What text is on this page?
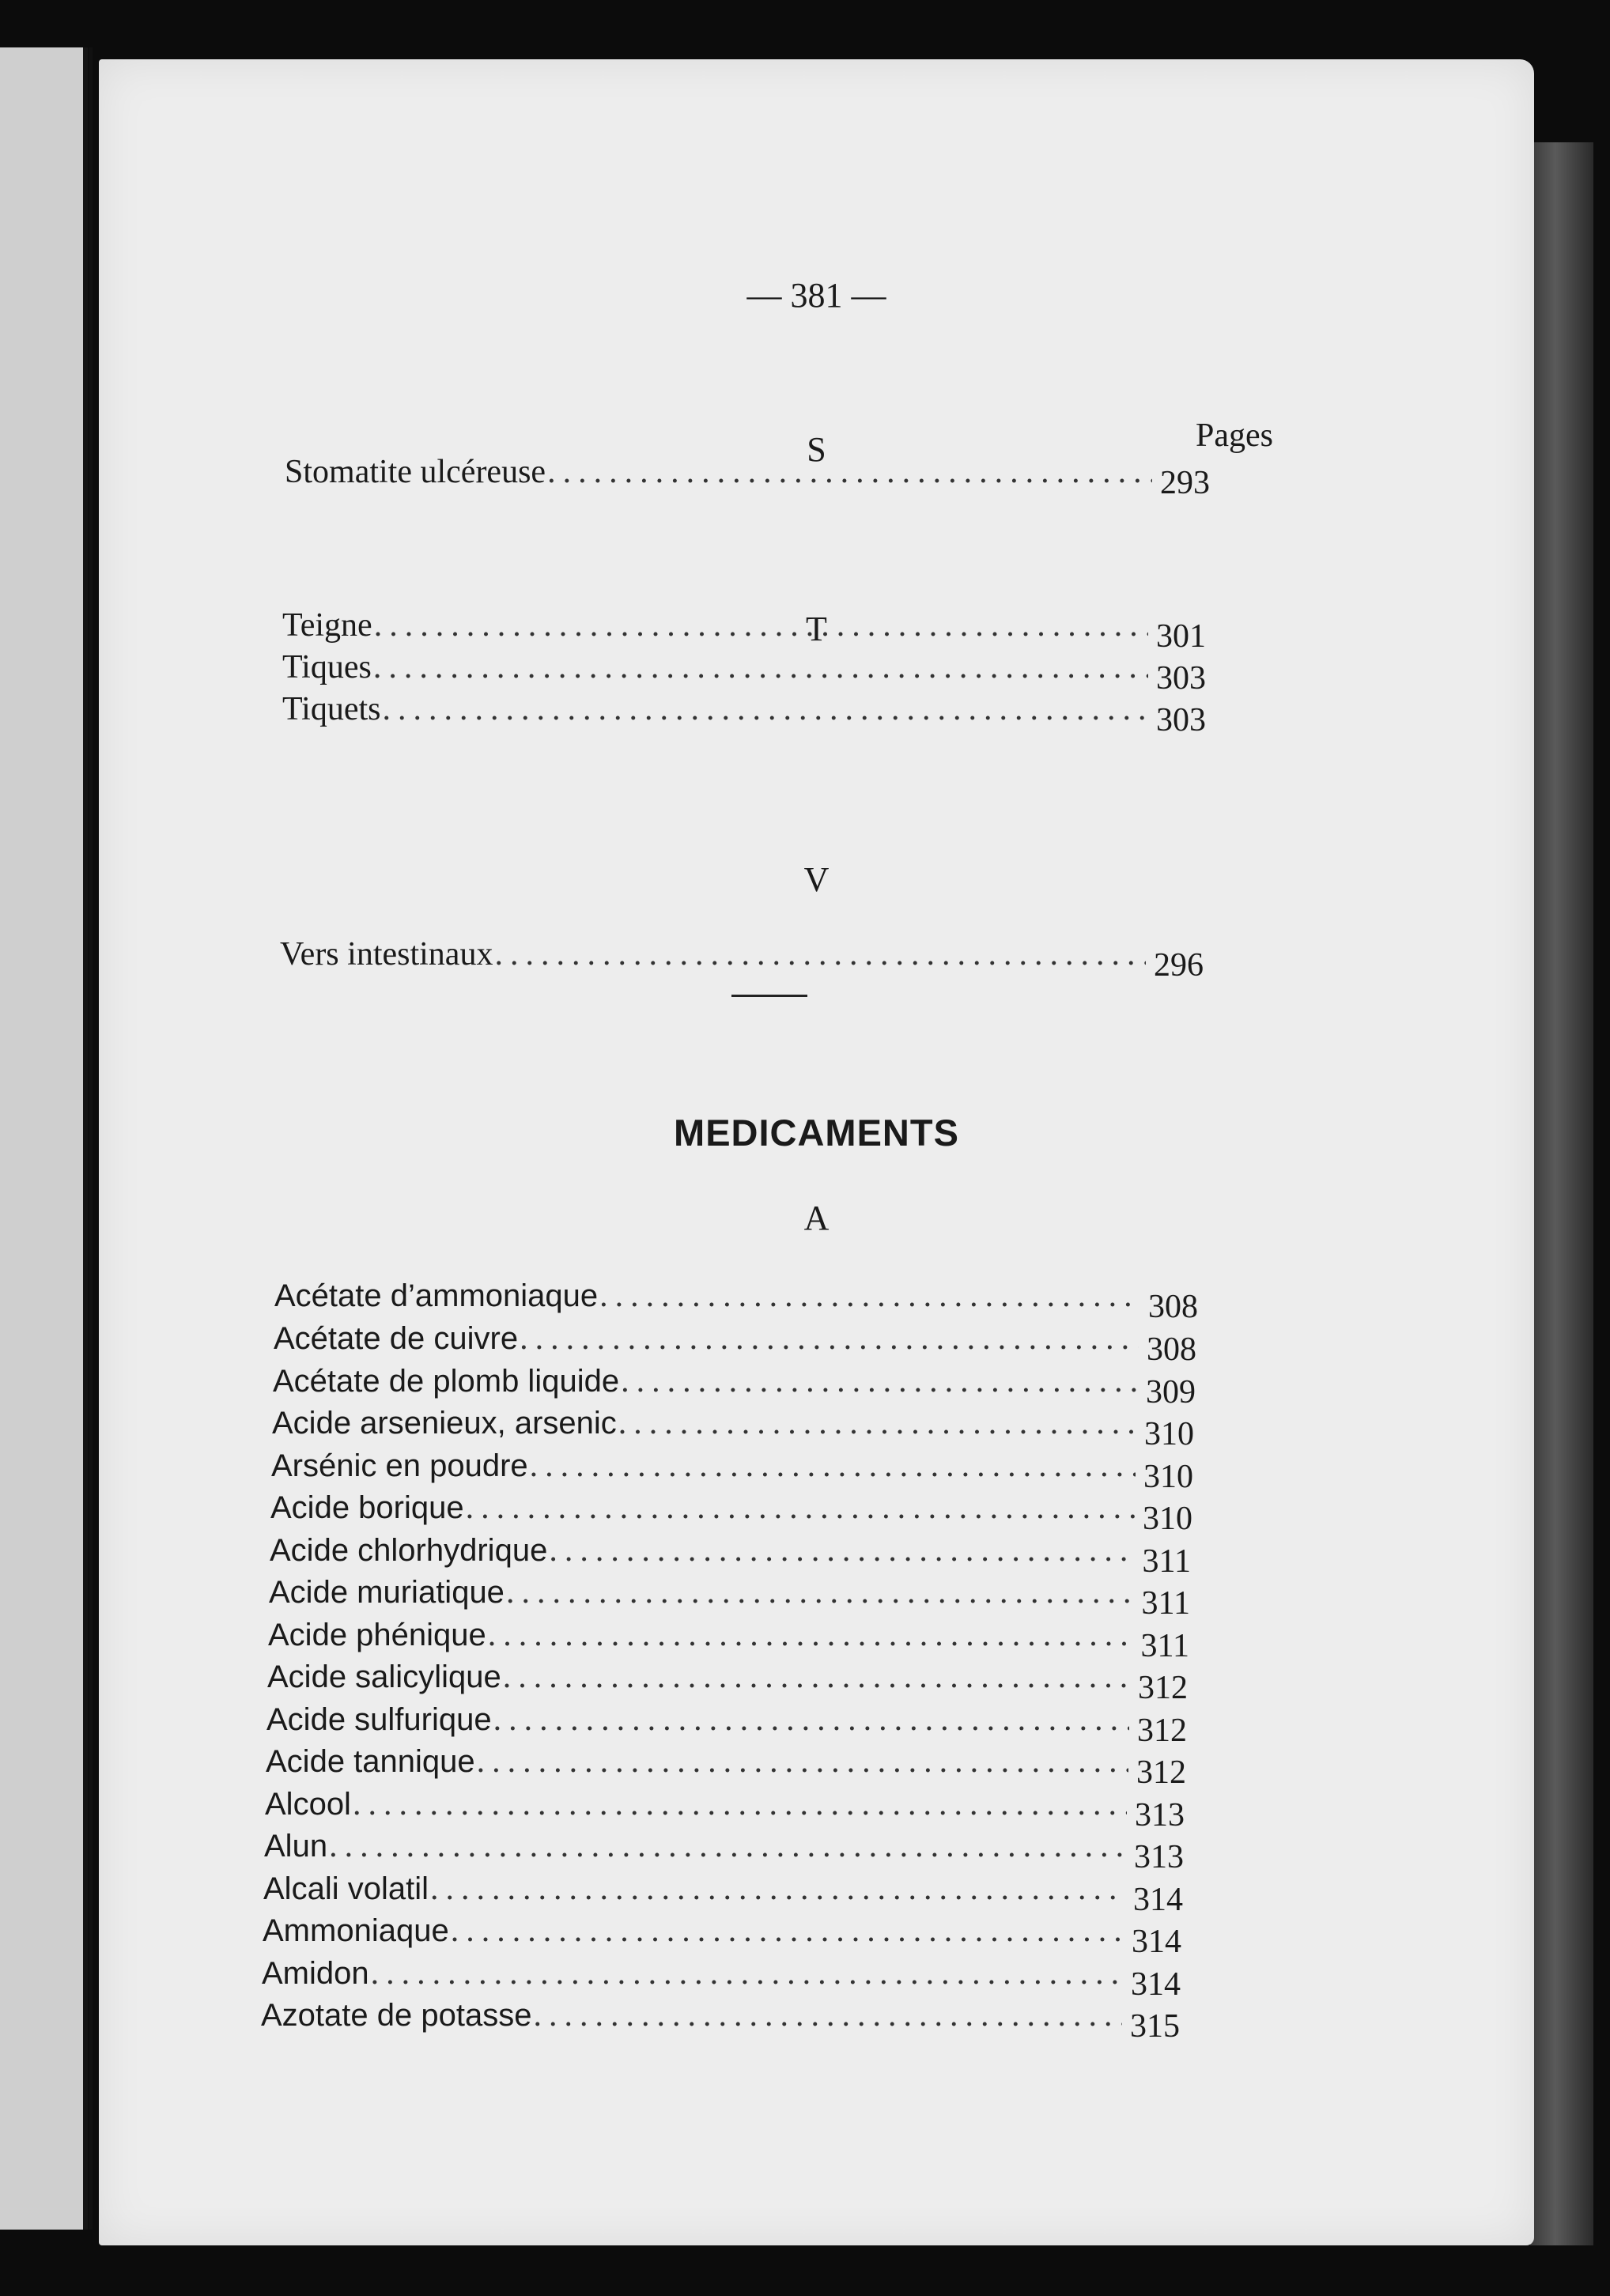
— 381 —
S	Pages
Stomatite ulcéreuse .....	293
T
Teigne .....	301
Tiques .....	303
Tiquets .....	303
V
Vers intestinaux .....	296
MEDICAMENTS
A
Acétate d’ammoniaque .....	308
Acétate de cuivre .....	308
Acétate de plomb liquide .....	309
Acide arsenieux, arsenic .....	310
Arsénic en poudre .....	310
Acide borique .....	310
Acide chlorhydrique .....	311
Acide muriatique .....	311
Acide phénique .....	311
Acide salicylique .....	312
Acide sulfurique .....	312
Acide tannique .....	312
Alcool .....	313
Alun .....	313
Alcali volatil .....	314
Ammoniaque .....	314
Amidon .....	314
Azotate de potasse .....	315
